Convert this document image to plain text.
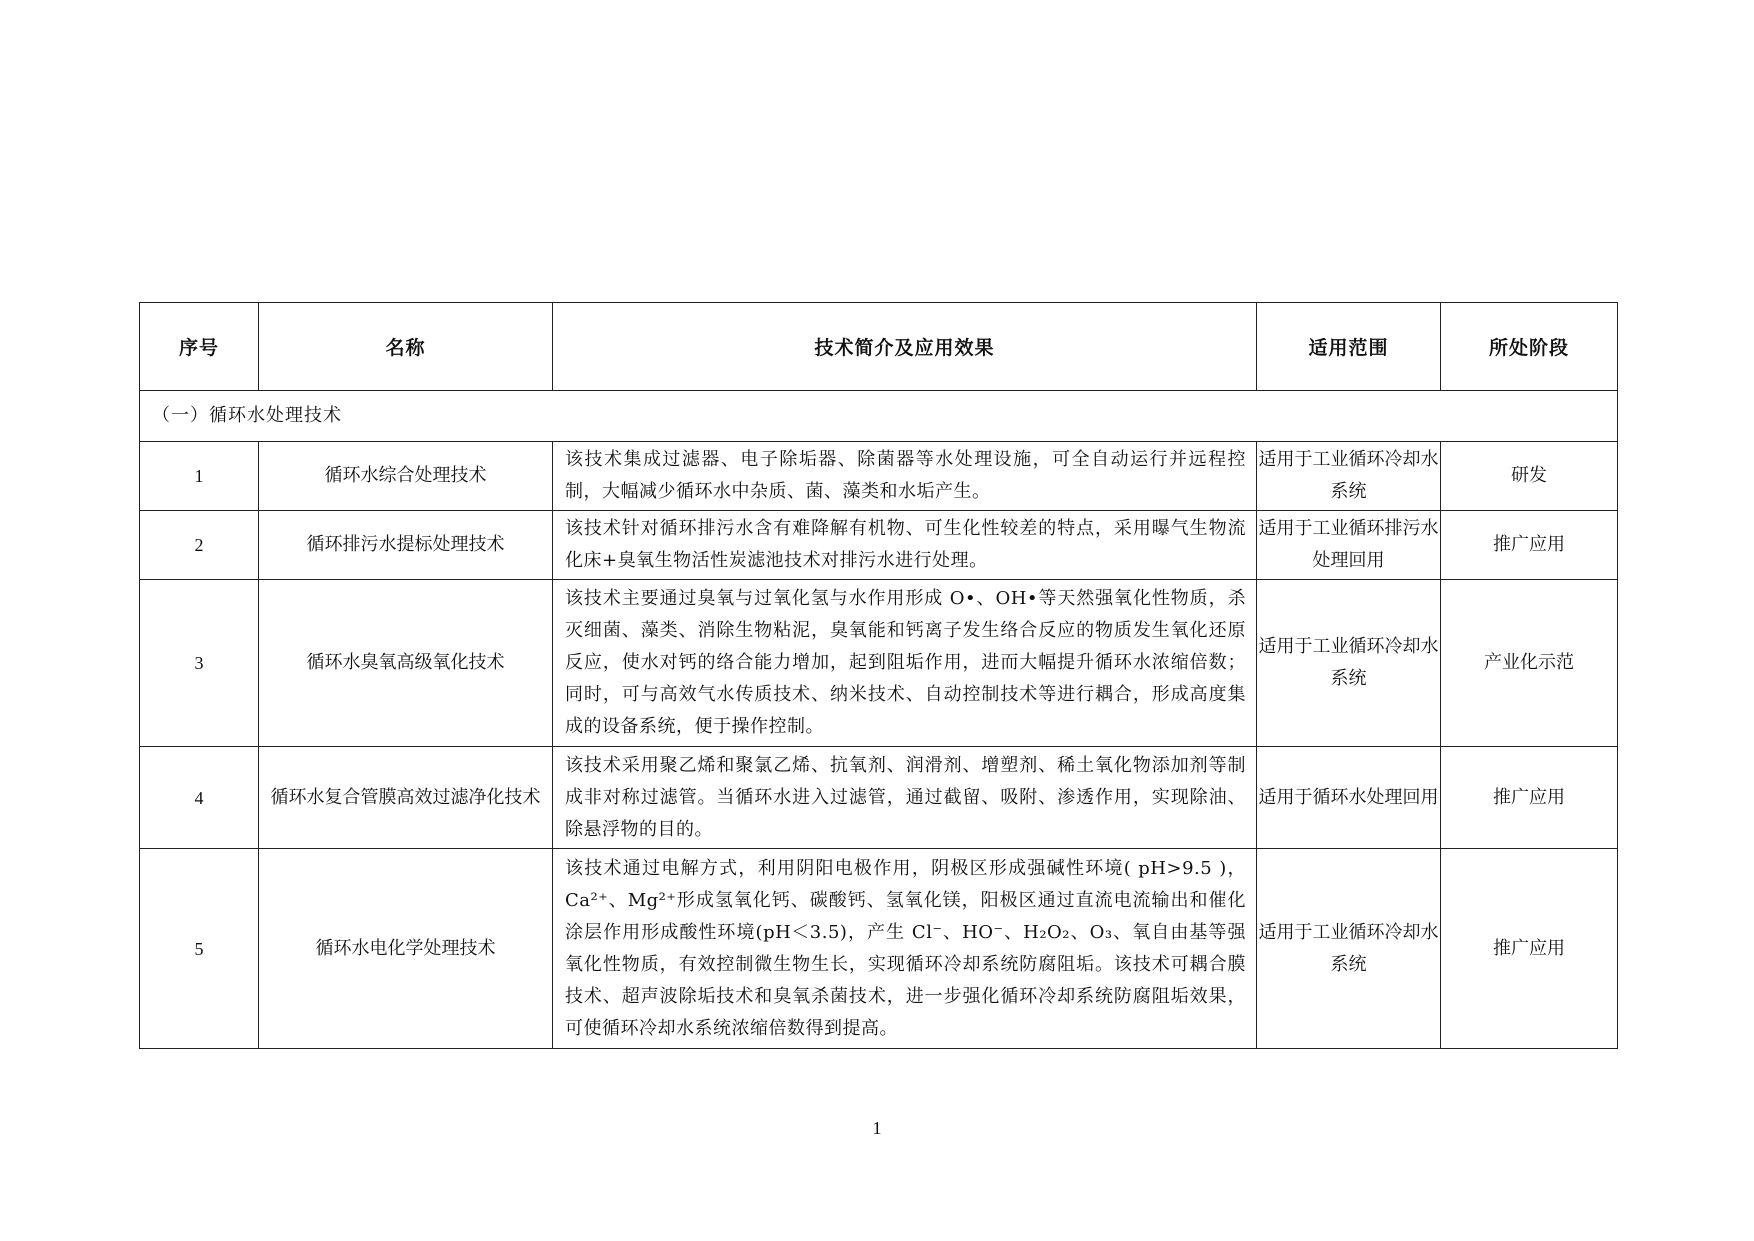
序号	名称	技术简介及应用效果	适用范围	所处阶段
（一）循环水处理技术				
1	循环水综合处理技术	该技术集成过滤器、电子除垢器、除菌器等水处理设施，可全自动运行并远程控制，大幅减少循环水中杂质、菌、藻类和水垢产生。	适用于工业循环冷却水系统	研发
2	循环排污水提标处理技术	该技术针对循环排污水含有难降解有机物、可生化性较差的特点，采用曝气生物流化床+臭氧生物活性炭滤池技术对排污水进行处理。	适用于工业循环排污水处理回用	推广应用
3	循环水臭氧高级氧化技术	该技术主要通过臭氧与过氧化氢与水作用形成 O•、OH•等天然强氧化性物质，杀灭细菌、藻类、消除生物粘泥，臭氧能和钙离子发生络合反应的物质发生氧化还原反应，使水对钙的络合能力增加，起到阻垢作用，进而大幅提升循环水浓缩倍数；同时，可与高效气水传质技术、纳米技术、自动控制技术等进行耦合，形成高度集成的设备系统，便于操作控制。	适用于工业循环冷却水系统	产业化示范
4	循环水复合管膜高效过滤净化技术	该技术采用聚乙烯和聚氯乙烯、抗氧剂、润滑剂、增塑剂、稀土氧化物添加剂等制成非对称过滤管。当循环水进入过滤管，通过截留、吸附、渗透作用，实现除油、除悬浮物的目的。	适用于循环水处理回用	推广应用
5	循环水电化学处理技术	该技术通过电解方式，利用阴阳电极作用，阴极区形成强碱性环境( pH>9.5 )，Ca²⁺、Mg²⁺形成氢氧化钙、碳酸钙、氢氧化镁，阳极区通过直流电流输出和催化涂层作用形成酸性环境(pH＜3.5)，产生 Cl⁻、HO⁻、H₂O₂、O₃、氧自由基等强氧化性物质，有效控制微生物生长，实现循环冷却系统防腐阻垢。该技术可耦合膜技术、超声波除垢技术和臭氧杀菌技术，进一步强化循环冷却系统防腐阻垢效果，可使循环冷却水系统浓缩倍数得到提高。	适用于工业循环冷却水系统	推广应用
1
